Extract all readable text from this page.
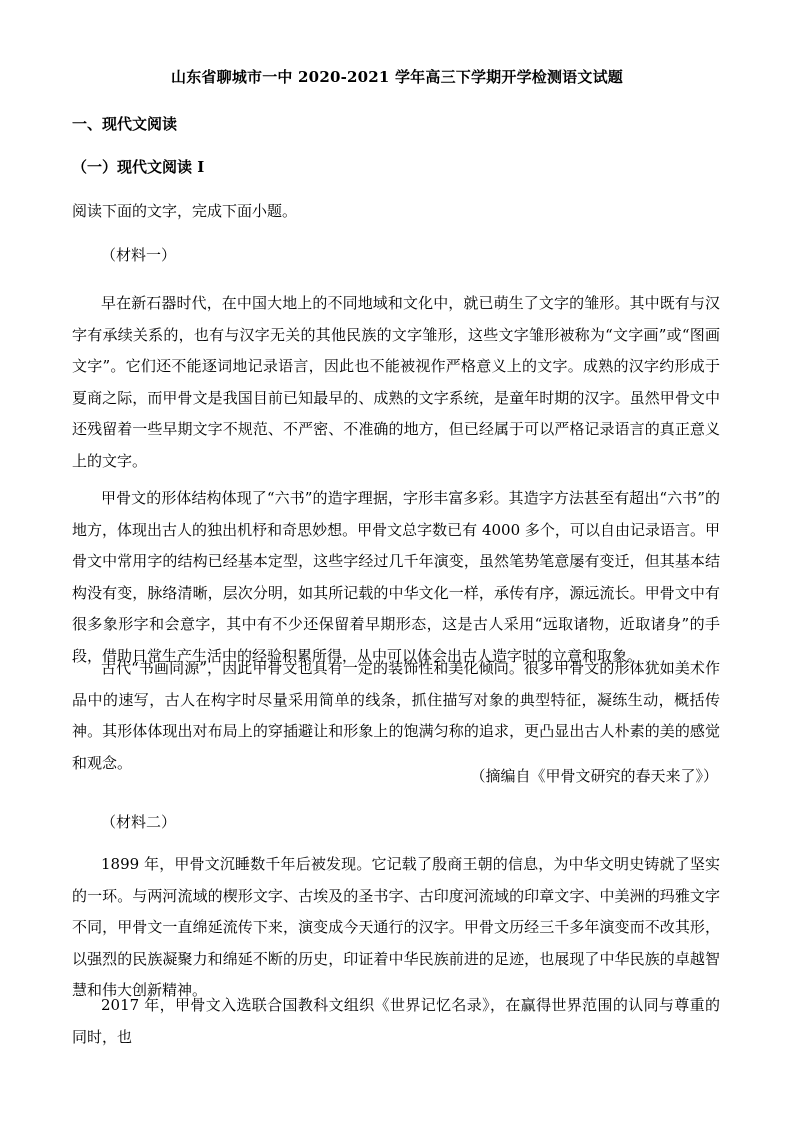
山东省聊城市一中 2020-2021 学年高三下学期开学检测语文试题
一、现代文阅读
（一）现代文阅读 I
阅读下面的文字，完成下面小题。
（材料一）

早在新石器时代，在中国大地上的不同地域和文化中，就已萌生了文字的雏形。其中既有与汉字有承续关系的，也有与汉字无关的其他民族的文字雏形，这些文字雏形被称为“文字画”或“图画文字”。它们还不能逐词地记录语言，因此也不能被视作严格意义上的文字。成熟的汉字约形成于夏商之际，而甲骨文是我国目前已知最早的、成熟的文字系统，是童年时期的汉字。虽然甲骨文中还残留着一些早期文字不规范、不严密、不准确的地方，但已经属于可以严格记录语言的真正意义上的文字。

甲骨文的形体结构体现了“六书”的造字理据，字形丰富多彩。其造字方法甚至有超出“六书”的地方，体现出古人的独出机杼和奇思妙想。甲骨文总字数已有 4000 多个，可以自由记录语言。甲骨文中常用字的结构已经基本定型，这些字经过几千年演变，虽然笔势笔意屡有变迁，但其基本结构没有变，脉络清晰，层次分明，如其所记载的中华文化一样，承传有序，源远流长。甲骨文中有很多象形字和会意字，其中有不少还保留着早期形态，这是古人采用“远取诸物，近取诸身”的手段，借助日常生产生活中的经验积累所得，从中可以体会出古人造字时的立意和取象。

古代“书画同源”，因此甲骨文也具有一定的装饰性和美化倾向。很多甲骨文的形体犹如美术作品中的速写，古人在构字时尽量采用简单的线条，抓住描写对象的典型特征，凝练生动，概括传神。其形体体现出对布局上的穿插避让和形象上的饱满匀称的追求，更凸显出古人朴素的美的感觉和观念。

（摘编自《甲骨文研究的春天来了》）
（材料二）

1899 年，甲骨文沉睡数千年后被发现。它记载了殷商王朝的信息，为中华文明史铸就了坚实的一环。与两河流域的楔形文字、古埃及的圣书字、古印度河流域的印章文字、中美洲的玛雅文字不同，甲骨文一直绵延流传下来，演变成今天通行的汉字。甲骨文历经三千多年演变而不改其形，以强烈的民族凝聚力和绵延不断的历史，印证着中华民族前进的足迹，也展现了中华民族的卓越智慧和伟大创新精神。

2017 年，甲骨文入选联合国教科文组织《世界记忆名录》，在赢得世界范围的认同与尊重的同时，也
